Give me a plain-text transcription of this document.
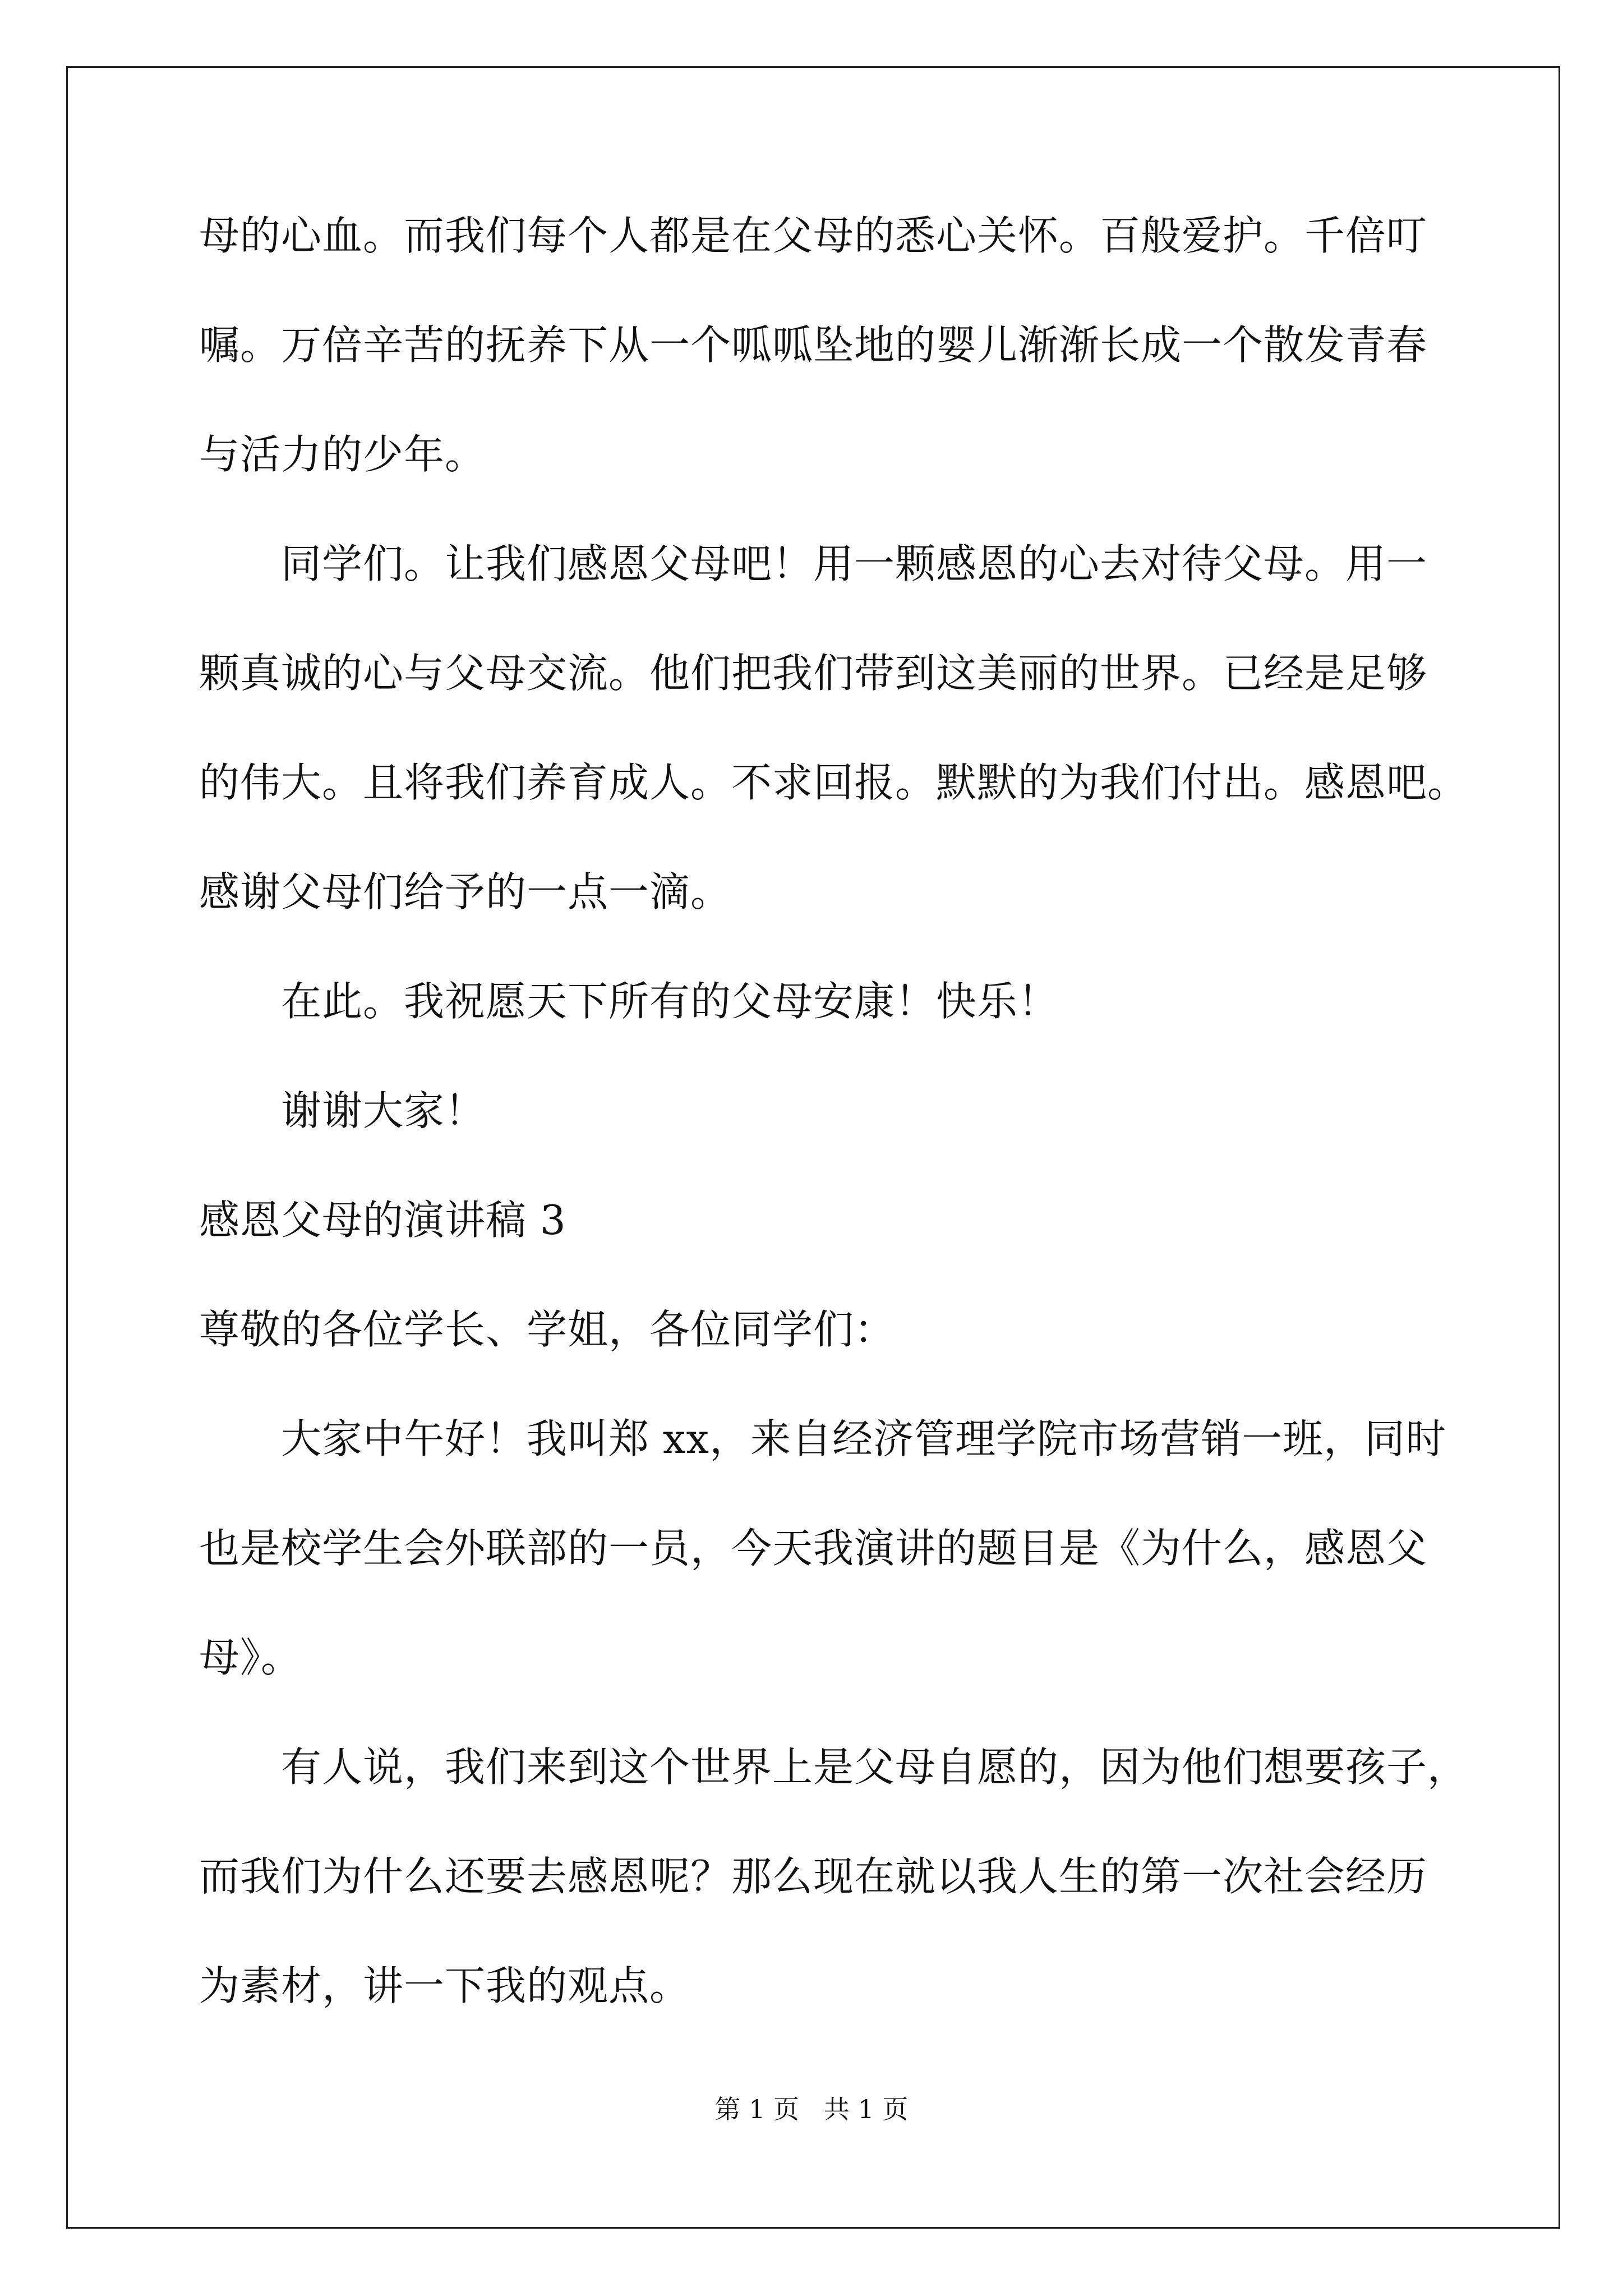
母的心血。而我们每个人都是在父母的悉心关怀。百般爱护。千倍叮
嘱。万倍辛苦的抚养下从一个呱呱坠地的婴儿渐渐长成一个散发青春
与活力的少年。
同学们。让我们感恩父母吧！用一颗感恩的心去对待父母。用一
颗真诚的心与父母交流。他们把我们带到这美丽的世界。已经是足够
的伟大。且将我们养育成人。不求回报。默默的为我们付出。感恩吧。
感谢父母们给予的一点一滴。
在此。我祝愿天下所有的父母安康！快乐！
谢谢大家！
感恩父母的演讲稿 3
尊敬的各位学长、学姐，各位同学们：
大家中午好！我叫郑 xx，来自经济管理学院市场营销一班，同时
也是校学生会外联部的一员，今天我演讲的题目是《为什么，感恩父
母》。
有人说，我们来到这个世界上是父母自愿的，因为他们想要孩子，
而我们为什么还要去感恩呢？那么现在就以我人生的第一次社会经历
为素材，讲一下我的观点。
第 1 页   共 1 页
